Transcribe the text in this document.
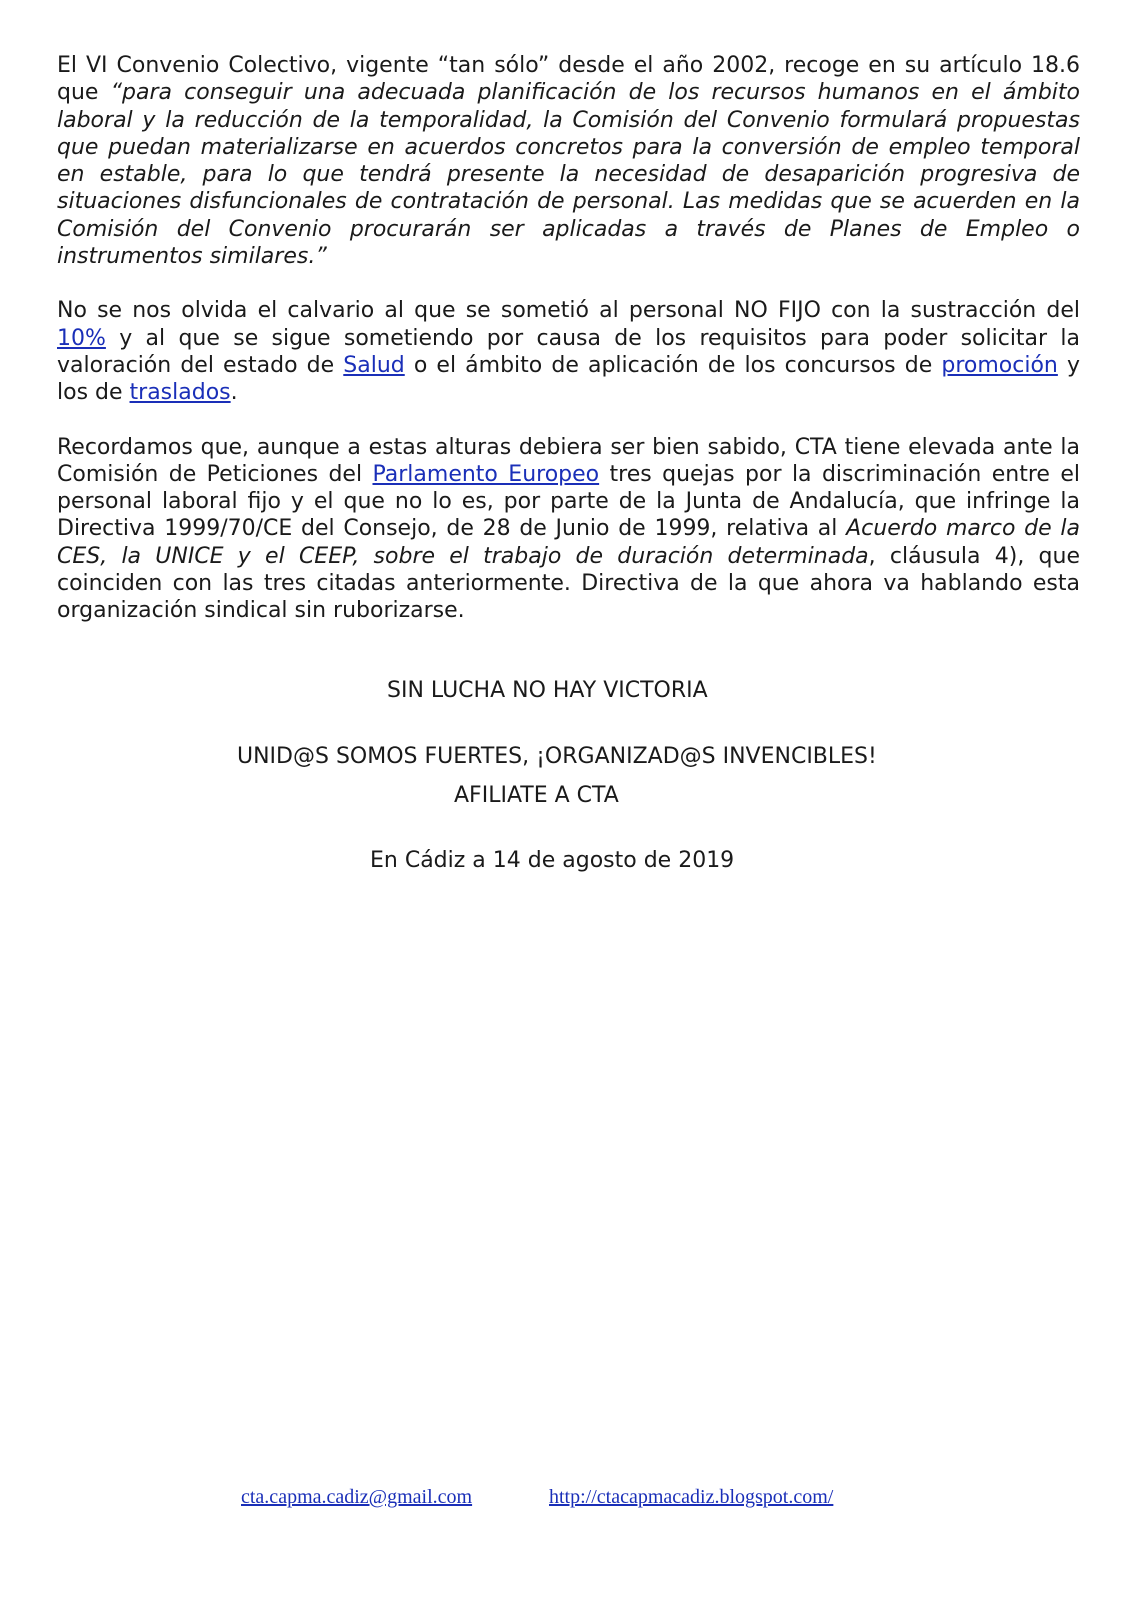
El VI Convenio Colectivo, vigente “tan sólo” desde el año 2002, recoge en su artículo 18.6 que “para conseguir una adecuada planificación de los recursos humanos en el ámbito laboral y la reducción de la temporalidad, la Comisión del Convenio formulará propuestas que puedan materializarse en acuerdos concretos para la conversión de empleo temporal en estable, para lo que tendrá presente la necesidad de desaparición progresiva de situaciones disfuncionales de contratación de personal. Las medidas que se acuerden en la Comisión del Convenio procurarán ser aplicadas a través de Planes de Empleo o instrumentos similares.”

No se nos olvida el calvario al que se sometió al personal NO FIJO con la sustracción del 10% y al que se sigue sometiendo por causa de los requisitos para poder solicitar la valoración del estado de Salud o el ámbito de aplicación de los concursos de promoción y los de traslados.

Recordamos que, aunque a estas alturas debiera ser bien sabido, CTA tiene elevada ante la Comisión de Peticiones del Parlamento Europeo tres quejas por la discriminación entre el personal laboral fijo y el que no lo es, por parte de la Junta de Andalucía, que infringe la Directiva 1999/70/CE del Consejo, de 28 de Junio de 1999, relativa al Acuerdo marco de la CES, la UNICE y el CEEP, sobre el trabajo de duración determinada, cláusula 4), que coinciden con las tres citadas anteriormente. Directiva de la que ahora va hablando esta organización sindical sin ruborizarse.

SIN LUCHA NO HAY VICTORIA
UNID@S SOMOS FUERTES, ¡ORGANIZAD@S INVENCIBLES!
AFILIATE A CTA
En Cádiz a 14 de agosto de 2019
cta.capma.cadiz@gmail.com	http://ctacapmacadiz.blogspot.com/
